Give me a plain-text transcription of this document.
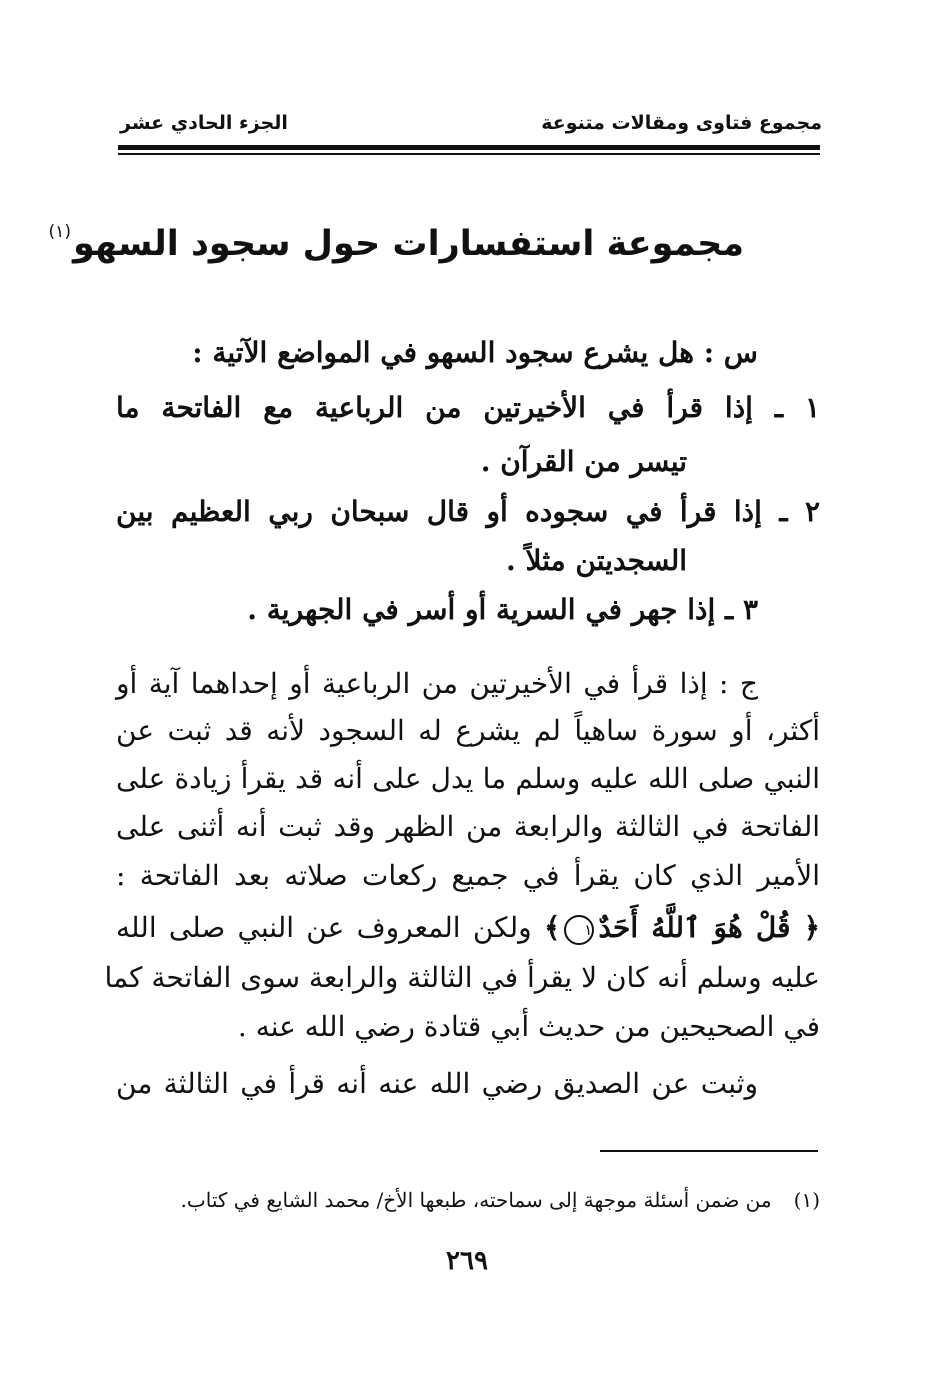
مجموع فتاوى ومقالات متنوعة
الجزء الحادي عشر
مجموعة استفسارات حول سجود السهو$^{(١)}$
س : هل يشرع سجود السهو في المواضع الآتية :
١ ـ إذا قرأ في الأخيرتين من الرباعية مع الفاتحة ما
تيسر من القرآن .
٢ ـ إذا قرأ في سجوده أو قال سبحان ربي العظيم بين
السجديتن مثلاً .
٣ ـ إذا جهر في السرية أو أسر في الجهرية .
ج : إذا قرأ في الأخيرتين من الرباعية أو إحداهما آية أو
أكثر، أو سورة ساهياً لم يشرع له السجود لأنه قد ثبت عن
النبي صلى الله عليه وسلم ما يدل على أنه قد يقرأ زيادة على
الفاتحة في الثالثة والرابعة من الظهر وقد ثبت أنه أثنى على
الأمير الذي كان يقرأ في جميع ركعات صلاته بعد الفاتحة :
﴿ قُلْ هُوَ ٱللَّهُ أَحَدٌ١﴾ ولكن المعروف عن النبي صلى الله
عليه وسلم أنه كان لا يقرأ في الثالثة والرابعة سوى الفاتحة كما
في الصحيحين من حديث أبي قتادة رضي الله عنه .
وثبت عن الصديق رضي الله عنه أنه قرأ في الثالثة من
(١)من ضمن أسئلة موجهة إلى سماحته، طبعها الأخ/ محمد الشايع في كتاب.
٢٦٩
